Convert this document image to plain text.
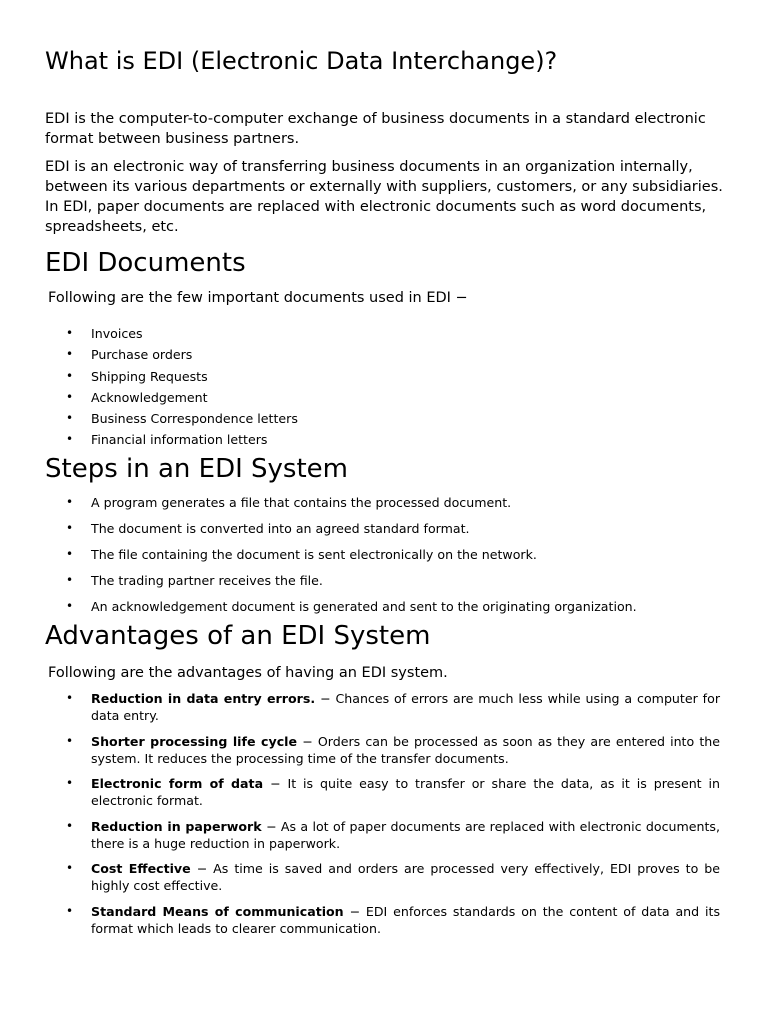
What is EDI (Electronic Data Interchange)?

EDI is the computer-to-computer exchange of business documents in a standard electronic format between business partners.

EDI is an electronic way of transferring business documents in an organization internally, between its various departments or externally with suppliers, customers, or any subsidiaries. In EDI, paper documents are replaced with electronic documents such as word documents, spreadsheets, etc.

EDI Documents

Following are the few important documents used in EDI −

• Invoices
• Purchase orders
• Shipping Requests
• Acknowledgement
• Business Correspondence letters
• Financial information letters
Steps in an EDI System
• A program generates a file that contains the processed document.
• The document is converted into an agreed standard format.
• The file containing the document is sent electronically on the network.
• The trading partner receives the file.
• An acknowledgement document is generated and sent to the originating organization.
Advantages of an EDI System

Following are the advantages of having an EDI system.

• Reduction in data entry errors. − Chances of errors are much less while using a computer for data entry.
• Shorter processing life cycle − Orders can be processed as soon as they are entered into the system. It reduces the processing time of the transfer documents.
• Electronic form of data − It is quite easy to transfer or share the data, as it is present in electronic format.
• Reduction in paperwork − As a lot of paper documents are replaced with electronic documents, there is a huge reduction in paperwork.
• Cost Effective − As time is saved and orders are processed very effectively, EDI proves to be highly cost effective.
• Standard Means of communication − EDI enforces standards on the content of data and its format which leads to clearer communication.
